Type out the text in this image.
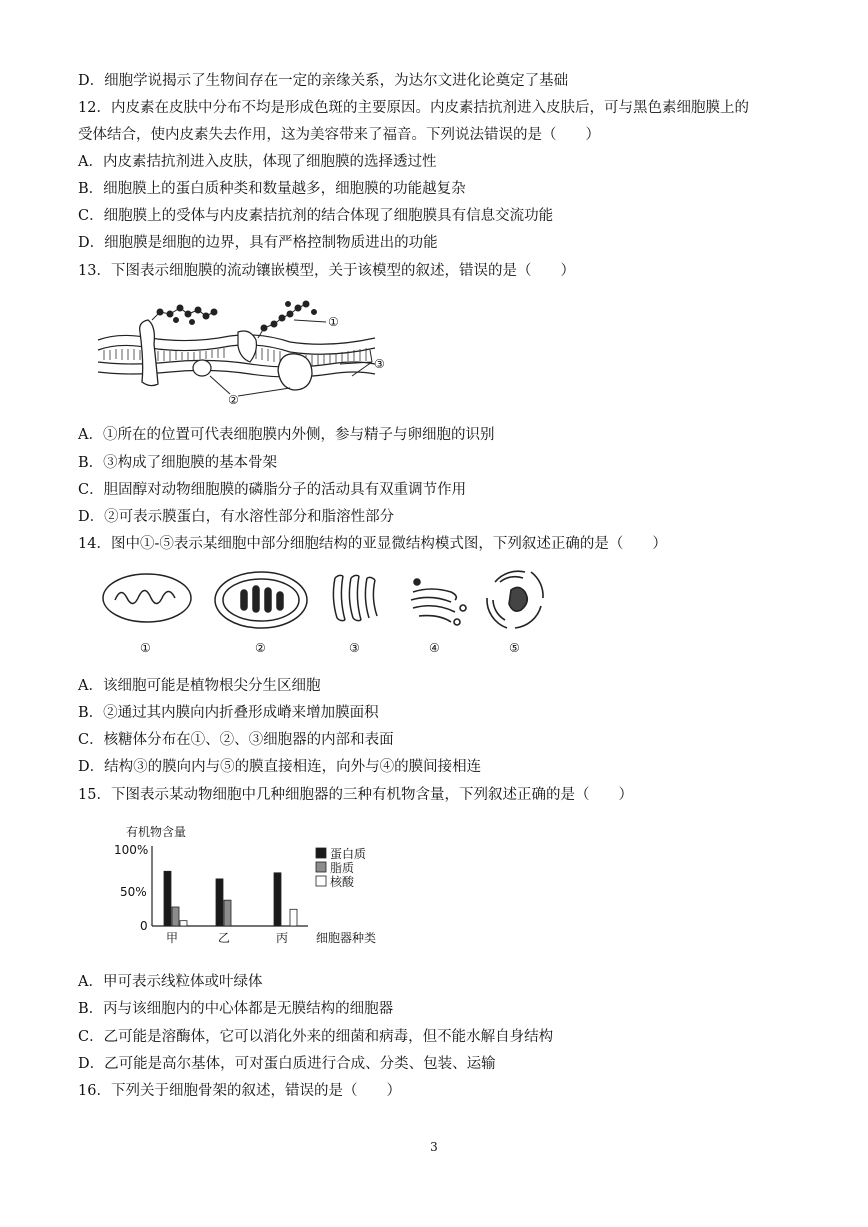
D．细胞学说揭示了生物间存在一定的亲缘关系，为达尔文进化论奠定了基础
12．内皮素在皮肤中分布不均是形成色斑的主要原因。内皮素拮抗剂进入皮肤后，可与黑色素细胞膜上的
受体结合，使内皮素失去作用，这为美容带来了福音。下列说法错误的是（　　）
A．内皮素拮抗剂进入皮肤，体现了细胞膜的选择透过性
B．细胞膜上的蛋白质种类和数量越多，细胞膜的功能越复杂
C．细胞膜上的受体与内皮素拮抗剂的结合体现了细胞膜具有信息交流功能
D．细胞膜是细胞的边界，具有严格控制物质进出的功能
13．下图表示细胞膜的流动镶嵌模型，关于该模型的叙述，错误的是（　　）
①
②
③
A．①所在的位置可代表细胞膜内外侧，参与精子与卵细胞的识别
B．③构成了细胞膜的基本骨架
C．胆固醇对动物细胞膜的磷脂分子的活动具有双重调节作用
D．②可表示膜蛋白，有水溶性部分和脂溶性部分
14．图中①-⑤表示某细胞中部分细胞结构的亚显微结构模式图，下列叙述正确的是（　　）
①	②	③	④	⑤
A．该细胞可能是植物根尖分生区细胞
B．②通过其内膜向内折叠形成嵴来增加膜面积
C．核糖体分布在①、②、③细胞器的内部和表面
D．结构③的膜向内与⑤的膜直接相连，向外与④的膜间接相连
15．下图表示某动物细胞中几种细胞器的三种有机物含量，下列叙述正确的是（　　）
有机物含量
100%
50%
0
甲	乙	丙 细胞器种类
蛋白质
脂质
核酸
A．甲可表示线粒体或叶绿体
B．丙与该细胞内的中心体都是无膜结构的细胞器
C．乙可能是溶酶体，它可以消化外来的细菌和病毒，但不能水解自身结构
D．乙可能是高尔基体，可对蛋白质进行合成、分类、包装、运输
16．下列关于细胞骨架的叙述，错误的是（　　）
3
